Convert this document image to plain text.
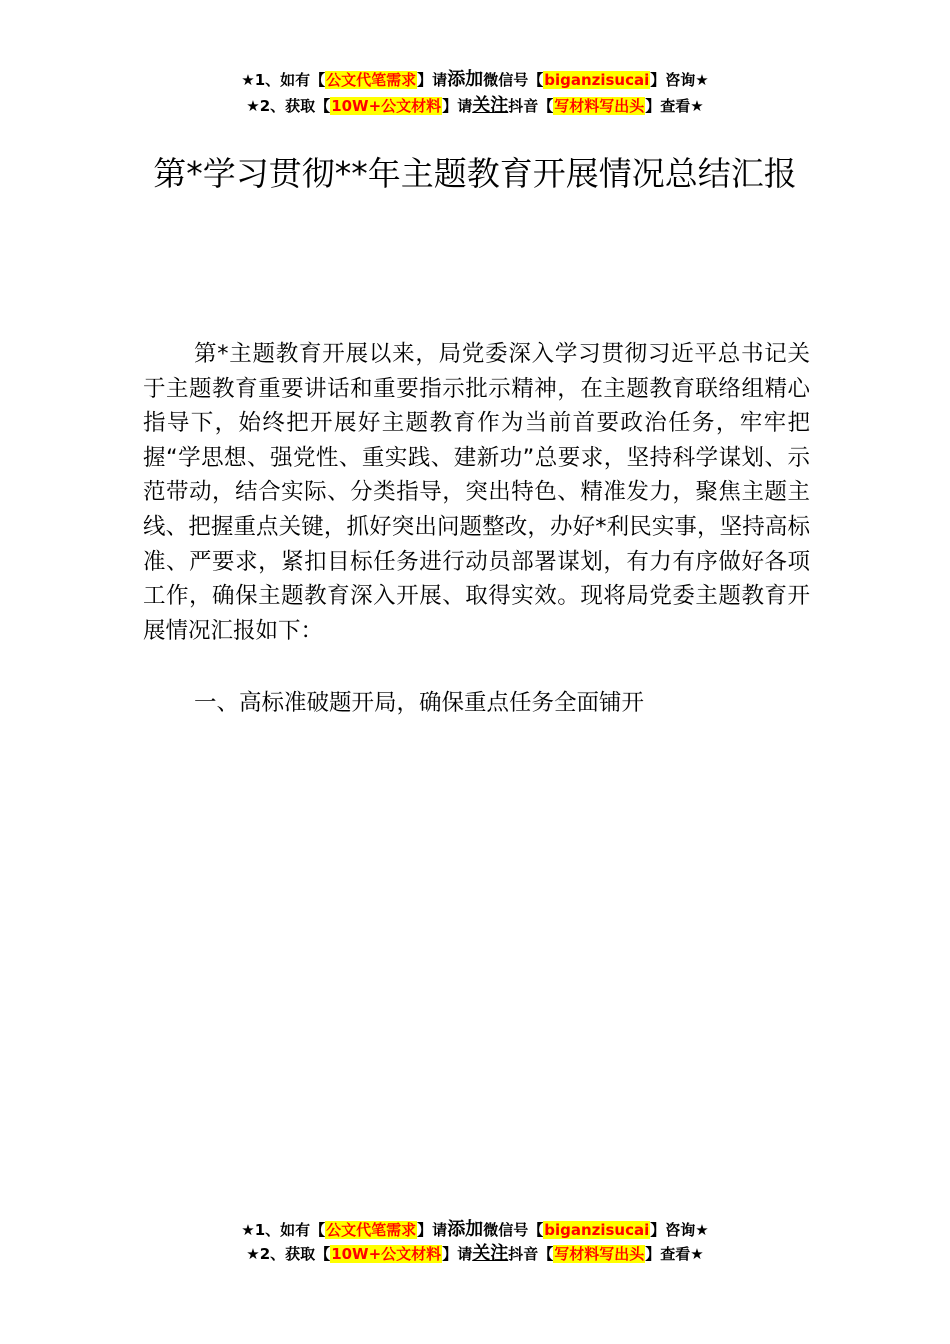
★1、如有【公文代笔需求】请添加微信号【biganzisucai】咨询★
★2、获取【10W+公文材料】请关注抖音【写材料写出头】查看★
第*学习贯彻**年主题教育开展情况总结汇报

第*主题教育开展以来，局党委深入学习贯彻习近平总书记关于主题教育重要讲话和重要指示批示精神，在主题教育联络组精心指导下，始终把开展好主题教育作为当前首要政治任务，牢牢把握“学思想、强党性、重实践、建新功”总要求，坚持科学谋划、示范带动，结合实际、分类指导，突出特色、精准发力，聚焦主题主线、把握重点关键，抓好突出问题整改，办好*利民实事，坚持高标准、严要求，紧扣目标任务进行动员部署谋划，有力有序做好各项工作，确保主题教育深入开展、取得实效。现将局党委主题教育开展情况汇报如下：

一、高标准破题开局，确保重点任务全面铺开

★1、如有【公文代笔需求】请添加微信号【biganzisucai】咨询★
★2、获取【10W+公文材料】请关注抖音【写材料写出头】查看★
